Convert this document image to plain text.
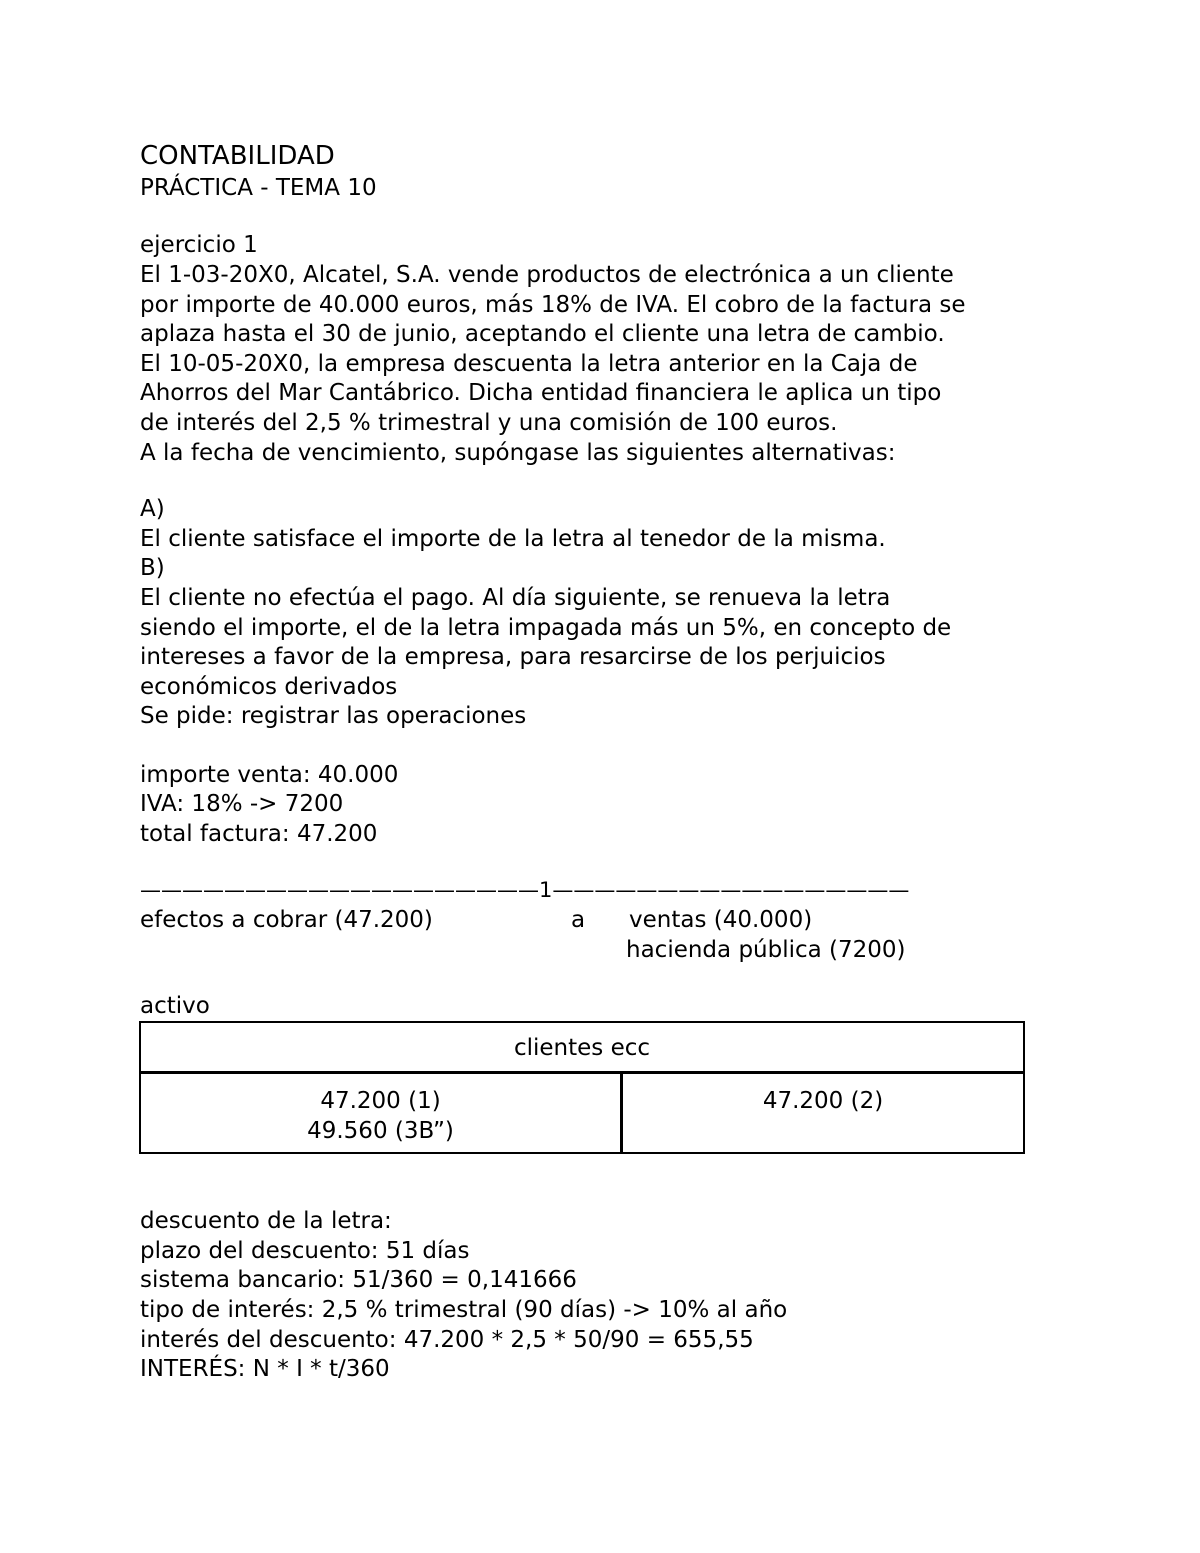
CONTABILIDAD
PRÁCTICA - TEMA 10
ejercicio 1
El 1-03-20X0, Alcatel, S.A. vende productos de electrónica a un cliente
por importe de 40.000 euros, más 18% de IVA. El cobro de la factura se
aplaza hasta el 30 de junio, aceptando el cliente una letra de cambio.
El 10-05-20X0, la empresa descuenta la letra anterior en la Caja de
Ahorros del Mar Cantábrico. Dicha entidad financiera le aplica un tipo
de interés del 2,5 % trimestral y una comisión de 100 euros.
A la fecha de vencimiento, supóngase las siguientes alternativas:
A)
El cliente satisface el importe de la letra al tenedor de la misma.
B)
El cliente no efectúa el pago. Al día siguiente, se renueva la letra
siendo el importe, el de la letra impagada más un 5%, en concepto de
intereses a favor de la empresa, para resarcirse de los perjuicios
económicos derivados
Se pide: registrar las operaciones
importe venta: 40.000
IVA: 18% -> 7200
total factura: 47.200
———————————————————1—————————————————
efectos a cobrar (47.200)	a ventas (40.000)
hacienda pública (7200)
activo
clientes ecc
47.200 (1)
49.560 (3B”)
47.200 (2)
descuento de la letra:
plazo del descuento: 51 días
sistema bancario: 51/360 = 0,141666
tipo de interés: 2,5 % trimestral (90 días) -> 10% al año
interés del descuento: 47.200 * 2,5 * 50/90 = 655,55
INTERÉS: N * I * t/360
